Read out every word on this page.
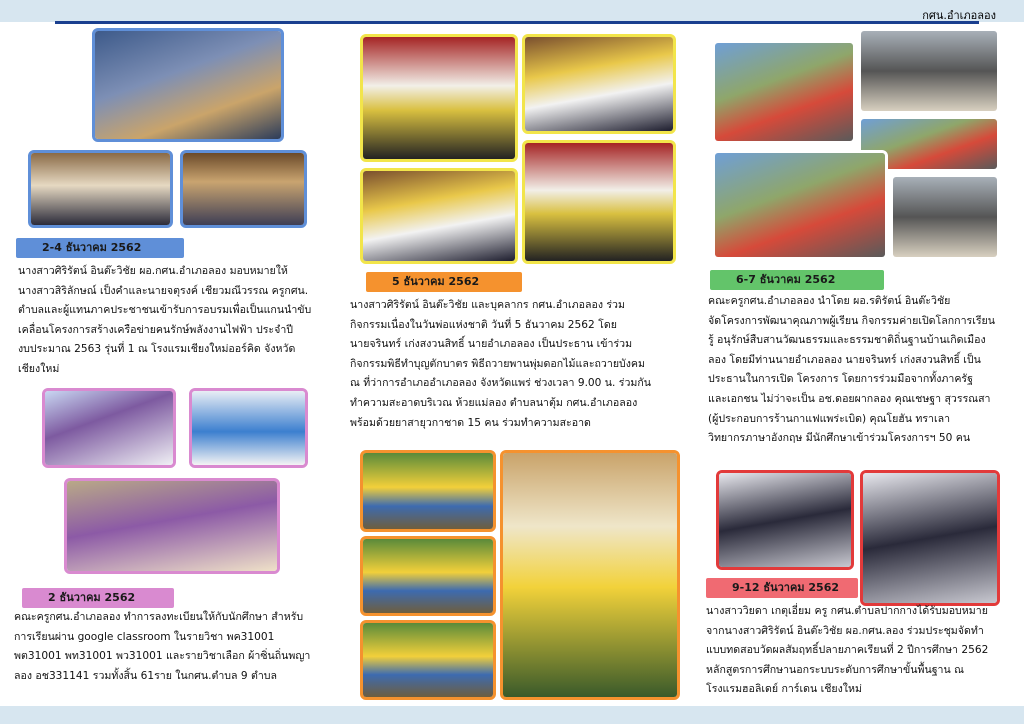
กศน.อำเภอลอง
2-4 ธันวาคม 2562
นางสาวศิริรัตน์ อินต๊ะวิชัย ผอ.กศน.อำเภอลอง มอบหมายให้
นางสาวสิริลักษณ์ เป็งคำและนายจตุรงค์ เชียวมณีวรรณ ครูกศน.
ตำบลและผู้แทนภาคประชาชนเข้ารับการอบรมเพื่อเป็นแกนนำขับ
เคลื่อนโครงการสร้างเครือข่ายคนรักษ์พลังงานไฟฟ้า ประจำปี
งบประมาณ 2563 รุ่นที่ 1 ณ โรงแรมเชียงใหม่ออร์คิด จังหวัด
เชียงใหม่
2 ธันวาคม 2562
คณะครูกศน.อำเภอลอง ทำการลงทะเบียนให้กับนักศึกษา สำหรับ
การเรียนผ่าน google classroom ในรายวิชา พค31001
พต31001 พท31001 พว31001 และรายวิชาเลือก ผ้าซิ่นถิ่นพญา
ลอง อช331141 รวมทั้งสิ้น 61ราย ในกศน.ตำบล 9 ตำบล
5 ธันวาคม 2562
นางสาวศิริรัตน์ อินต๊ะวิชัย และบุคลากร กศน.อำเภอลอง ร่วม
กิจกรรมเนื่องในวันพ่อแห่งชาติ วันที่ 5 ธันวาคม 2562 โดย
นายจรินทร์ เก่งสงวนสิทธิ์ นายอำเภอลอง เป็นประธาน เข้าร่วม
กิจกรรมพิธีทำบุญตักบาตร พิธีถวายพานพุ่มดอกไม้และถวายบังคม
ณ ที่ว่าการอำเภออำเภอลอง จังหวัดแพร่ ช่วงเวลา 9.00 น. ร่วมกัน
ทำความสะอาดบริเวณ ห้วยแม่ลอง ตำบลนาตุ้ม กศน.อำเภอลอง
พร้อมด้วยยาสายุวกาชาด 15 คน ร่วมทำความสะอาด
6-7 ธันวาคม 2562
คณะครูกศน.อำเภอลอง นำโดย ผอ.รติรัตน์ อินต๊ะวิชัย
จัดโครงการพัฒนาคุณภาพผู้เรียน กิจกรรมค่ายเปิดโลกการเรียน
รู้ อนุรักษ์สืบสานวัฒนธรรมและธรรมชาติถิ่นฐานบ้านเกิดเมือง
ลอง โดยมีท่านนายอำเภอลอง นายจรินทร์ เก่งสงวนสิทธิ์ เป็น
ประธานในการเปิด โครงการ โดยการร่วมมือจากทั้งภาครัฐ
และเอกชน ไม่ว่าจะเป็น อช.ดอยผากลอง คุณเชษฐา สุวรรณสา
(ผู้ประกอบการร้านกาแฟแพร่ะเบิด) คุณโยฮัน ทราเลา
วิทยากรภาษาอังกฤษ มีนักศึกษาเข้าร่วมโครงการฯ 50 คน
9-12 ธันวาคม 2562
นางสาววิยดา เกตุเอี่ยม ครู กศน.ตำบลปากกางได้รับมอบหมาย
จากนางสาวศิริรัตน์ อินต๊ะวิชัย ผอ.กศน.ลอง ร่วมประชุมจัดทำ
แบบทดสอบวัดผลสัมฤทธิ์ปลายภาคเรียนที่ 2 ปีการศึกษา 2562
หลักสูตรการศึกษานอกระบบระดับการศึกษาขั้นพื้นฐาน ณ
โรงแรมฮอลิเดย์ การ์เดน เชียงใหม่
